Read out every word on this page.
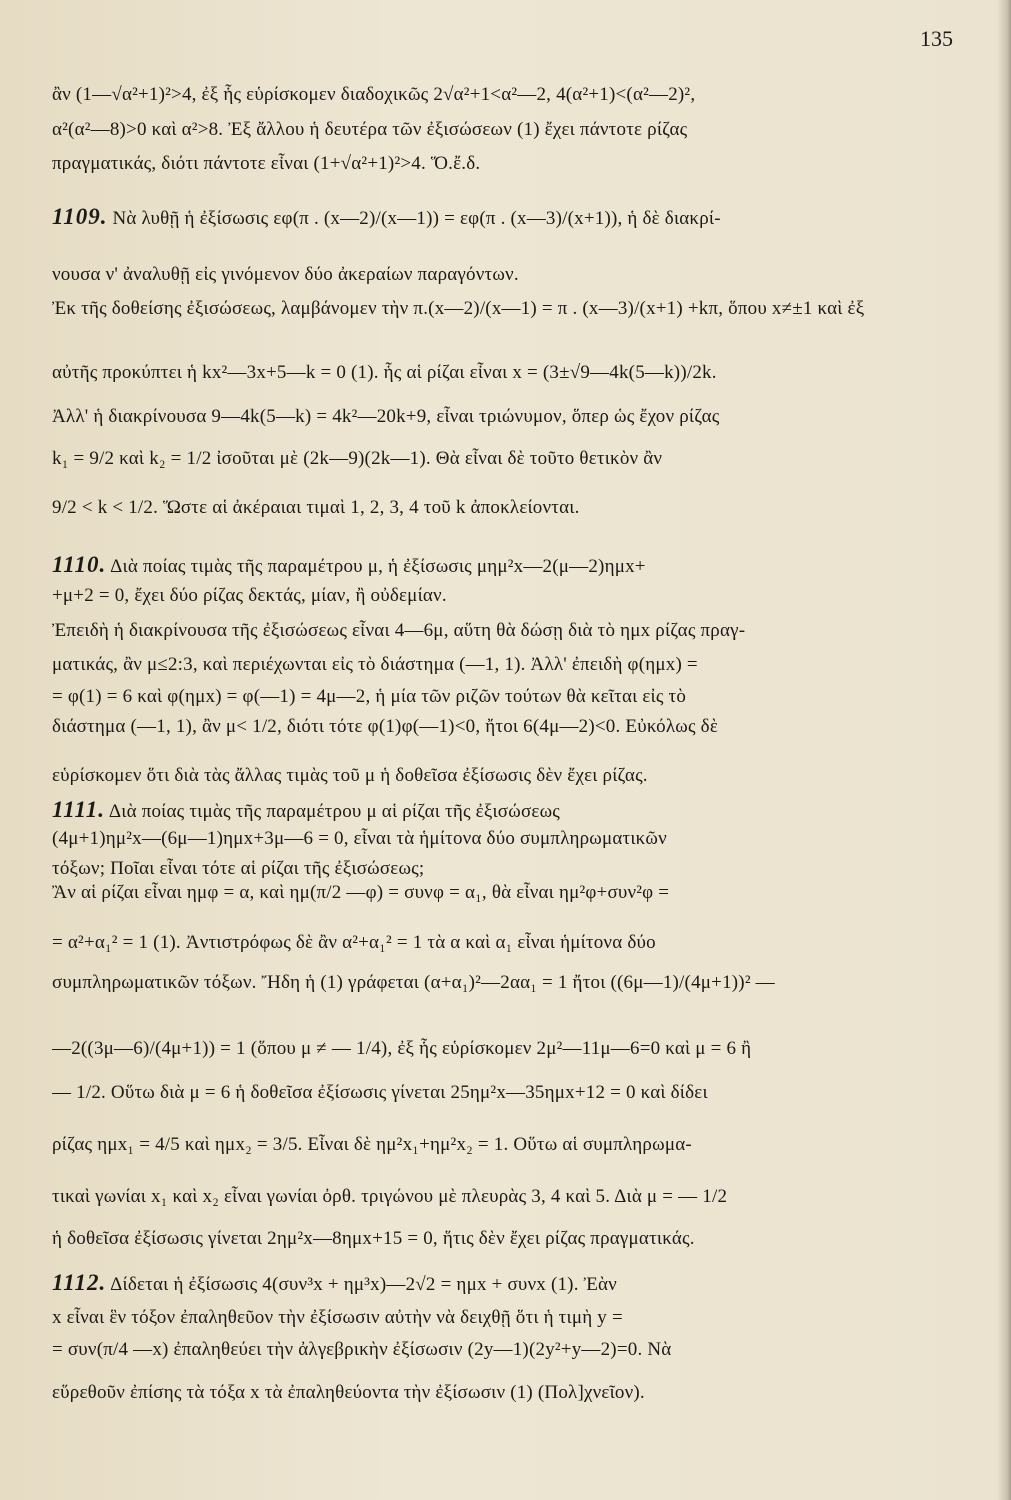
135
ἂν (1—√α²+1)²>4, ἐξ ἧς εὑρίσκομεν διαδοχικῶς 2√α²+1<α²—2, 4(α²+1)<(α²—2)²,
α²(α²—8)>0 καὶ α²>8. Ἐξ ἄλλου ἡ δευτέρα τῶν ἐξισώσεων (1) ἔχει πάντοτε ρίζας
πραγματικάς, διότι πάντοτε εἶναι (1+√α²+1)²>4. Ὅ.ἔ.δ.
1109. Νὰ λυθῇ ἡ ἐξίσωσις εφ(π . (x—2)/(x—1)) = εφ(π . (x—3)/(x+1)), ἡ δὲ διακρί-
νουσα ν' ἀναλυθῇ εἰς γινόμενον δύο ἀκεραίων παραγόντων.
Ἐκ τῆς δοθείσης ἐξισώσεως, λαμβάνομεν τὴν π.(x—2)/(x—1) = π . (x—3)/(x+1) +kπ, ὅπου x≠±1 καὶ ἐξ
αὐτῆς προκύπτει ἡ kx²—3x+5—k = 0 (1). ἧς αἱ ρίζαι εἶναι x = (3±√9—4k(5—k))/2k.
Ἀλλ' ἡ διακρίνουσα 9—4k(5—k) = 4k²—20k+9, εἶναι τριώνυμον, ὅπερ ὡς ἔχον ρίζας
k₁ = 9/2 καὶ k₂ = 1/2 ἰσοῦται μὲ (2k—9)(2k—1). Θὰ εἶναι δὲ τοῦτο θετικὸν ἂν
9/2 < k < 1/2. Ὥστε αἱ ἀκέραιαι τιμαὶ 1, 2, 3, 4 τοῦ k ἀποκλείονται.
1110. Διὰ ποίας τιμὰς τῆς παραμέτρου μ, ἡ ἐξίσωσις μημ²x—2(μ—2)ημx+
+μ+2 = 0, ἔχει δύο ρίζας δεκτάς, μίαν, ἢ οὐδεμίαν.
Ἐπειδὴ ἡ διακρίνουσα τῆς ἐξισώσεως εἶναι 4—6μ, αὕτη θὰ δώσῃ διὰ τὸ ημx ρίζας πραγ-
ματικάς, ἂν μ≤2:3, καὶ περιέχωνται εἰς τὸ διάστημα (—1, 1). Ἀλλ' ἐπειδὴ φ(ημx) =
= φ(1) = 6 καὶ φ(ημx) = φ(—1) = 4μ—2, ἡ μία τῶν ριζῶν τούτων θὰ κεῖται εἰς τὸ
διάστημα (—1, 1), ἂν μ< 1/2, διότι τότε φ(1)φ(—1)<0, ἤτοι 6(4μ—2)<0. Εὐκόλως δὲ
εὑρίσκομεν ὅτι διὰ τὰς ἄλλας τιμὰς τοῦ μ ἡ δοθεῖσα ἐξίσωσις δὲν ἔχει ρίζας.
1111. Διὰ ποίας τιμὰς τῆς παραμέτρου μ αἱ ρίζαι τῆς ἐξισώσεως
(4μ+1)ημ²x—(6μ—1)ημx+3μ—6 = 0, εἶναι τὰ ἡμίτονα δύο συμπληρωματικῶν
τόξων; Ποῖαι εἶναι τότε αἱ ρίζαι τῆς ἐξισώσεως;
Ἂν αἱ ρίζαι εἶναι ημφ = α, καὶ ημ(π/2 —φ) = συνφ = α₁, θὰ εἶναι ημ²φ+συν²φ =
= α²+α₁² = 1 (1). Ἀντιστρόφως δὲ ἂν α²+α₁² = 1 τὰ α καὶ α₁ εἶναι ἡμίτονα δύο
συμπληρωματικῶν τόξων. Ἤδη ἡ (1) γράφεται (α+α₁)²—2αα₁ = 1 ἤτοι ((6μ—1)/(4μ+1))² —
—2((3μ—6)/(4μ+1)) = 1 (ὅπου μ ≠ — 1/4), ἐξ ἧς εὑρίσκομεν 2μ²—11μ—6=0 καὶ μ = 6 ἢ
— 1/2. Οὕτω διὰ μ = 6 ἡ δοθεῖσα ἐξίσωσις γίνεται 25ημ²x—35ημx+12 = 0 καὶ δίδει
ρίζας ημx₁ = 4/5 καὶ ημx₂ = 3/5. Εἶναι δὲ ημ²x₁+ημ²x₂ = 1. Οὕτω αἱ συμπληρωμα-
τικαὶ γωνίαι x₁ καὶ x₂ εἶναι γωνίαι ὀρθ. τριγώνου μὲ πλευρὰς 3, 4 καὶ 5. Διὰ μ = — 1/2
ἡ δοθεῖσα ἐξίσωσις γίνεται 2ημ²x—8ημx+15 = 0, ἥτις δὲν ἔχει ρίζας πραγματικάς.
1112. Δίδεται ἡ ἐξίσωσις 4(συν³x + ημ³x)—2√2 = ημx + συνx (1). Ἐὰν
x εἶναι ἓν τόξον ἐπαληθεῦον τὴν ἐξίσωσιν αὐτὴν νὰ δειχθῇ ὅτι ἡ τιμὴ y =
= συν(π/4 —x) ἐπαληθεύει τὴν ἀλγεβρικὴν ἐξίσωσιν (2y—1)(2y²+y—2)=0. Νὰ
εὕρεθοῦν ἐπίσης τὰ τόξα x τὰ ἐπαληθεύοντα τὴν ἐξίσωσιν (1) (Πολ]χνεῖον).
